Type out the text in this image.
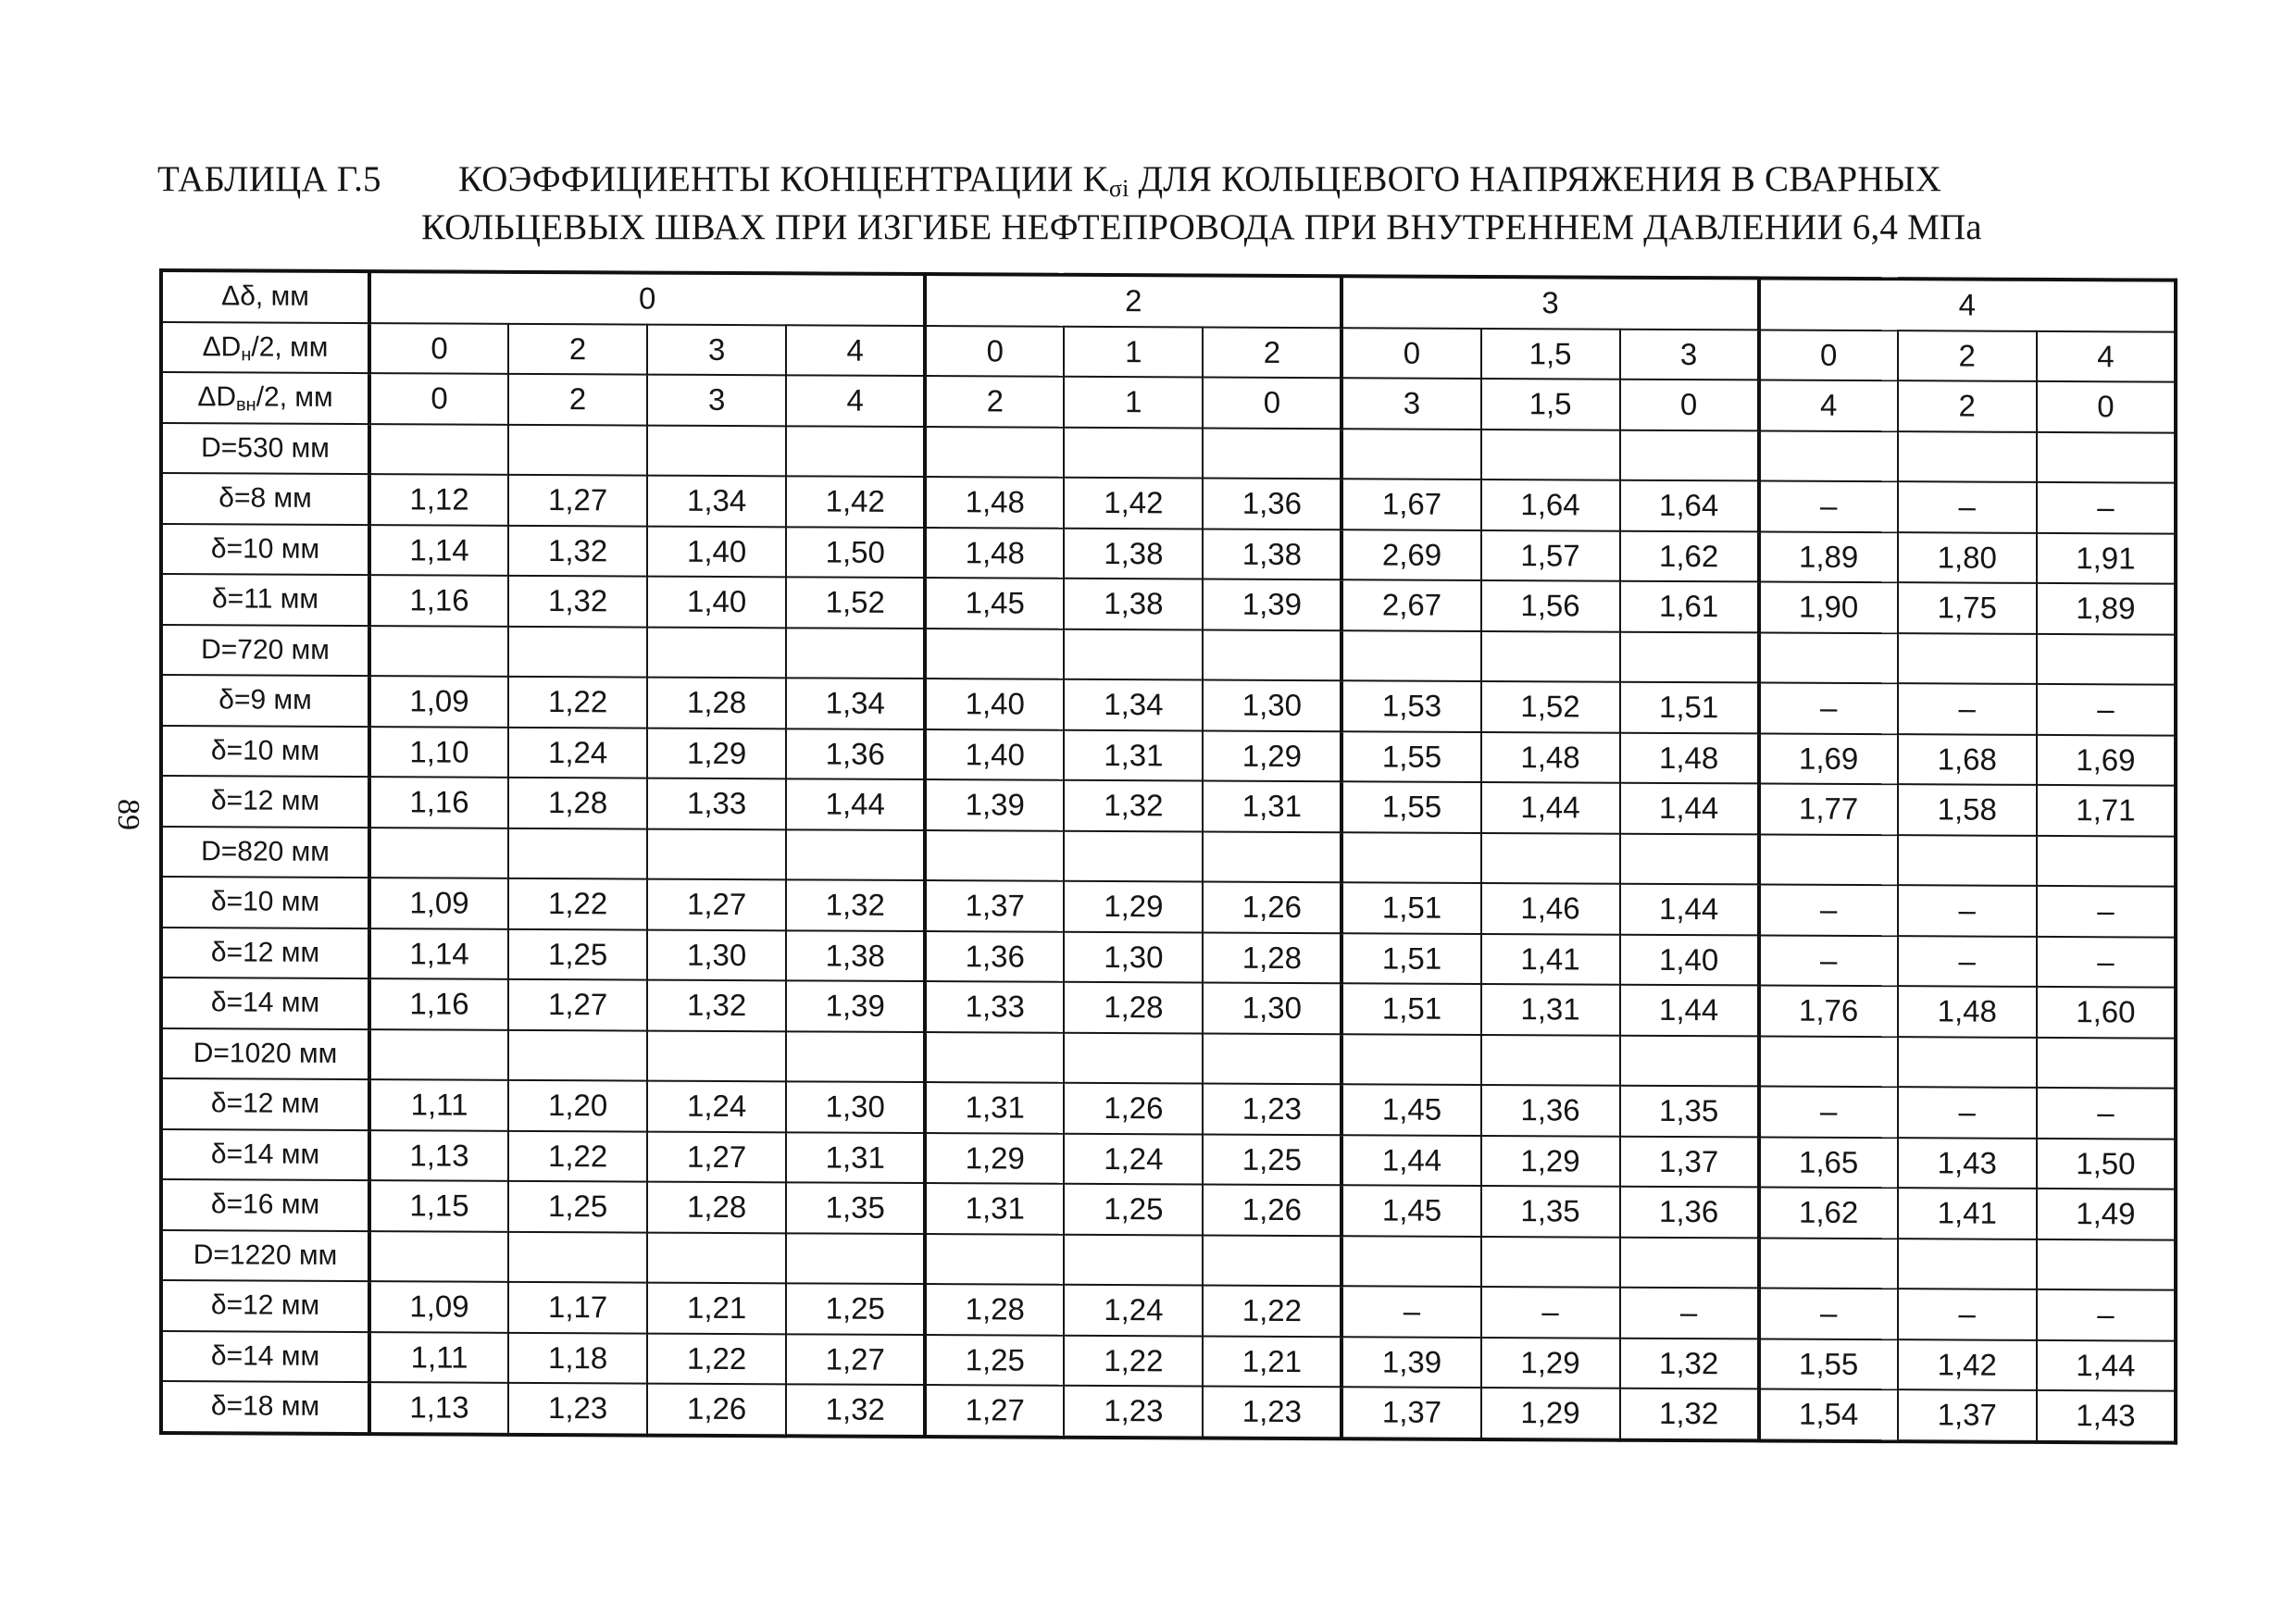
ТАБЛИЦА Г.5 КОЭФФИЦИЕНТЫ КОНЦЕНТРАЦИИ $K_{\sigma i}$ ДЛЯ КОЛЬЦЕВОГО НАПРЯЖЕНИЯ В СВАРНЫХ
КОЛЬЦЕВЫХ ШВАХ ПРИ ИЗГИБЕ НЕФТЕПРОВОДА ПРИ ВНУТРЕННЕМ ДАВЛЕНИИ 6,4 МПа
89
Δδ, мм	0				2			3			4		
$\Delta D_н/2$, мм	0	2	3	4	0	1	2	0	1,5	3	0	2	4
$\Delta D_{вн}/2$, мм	0	2	3	4	2	1	0	3	1,5	0	4	2	0
D=530 мм													
δ=8 мм	1,12	1,27	1,34	1,42	1,48	1,42	1,36	1,67	1,64	1,64	–	–	–
δ=10 мм	1,14	1,32	1,40	1,50	1,48	1,38	1,38	2,69	1,57	1,62	1,89	1,80	1,91
δ=11 мм	1,16	1,32	1,40	1,52	1,45	1,38	1,39	2,67	1,56	1,61	1,90	1,75	1,89
D=720 мм													
δ=9 мм	1,09	1,22	1,28	1,34	1,40	1,34	1,30	1,53	1,52	1,51	–	–	–
δ=10 мм	1,10	1,24	1,29	1,36	1,40	1,31	1,29	1,55	1,48	1,48	1,69	1,68	1,69
δ=12 мм	1,16	1,28	1,33	1,44	1,39	1,32	1,31	1,55	1,44	1,44	1,77	1,58	1,71
D=820 мм													
δ=10 мм	1,09	1,22	1,27	1,32	1,37	1,29	1,26	1,51	1,46	1,44	–	–	–
δ=12 мм	1,14	1,25	1,30	1,38	1,36	1,30	1,28	1,51	1,41	1,40	–	–	–
δ=14 мм	1,16	1,27	1,32	1,39	1,33	1,28	1,30	1,51	1,31	1,44	1,76	1,48	1,60
D=1020 мм													
δ=12 мм	1,11	1,20	1,24	1,30	1,31	1,26	1,23	1,45	1,36	1,35	–	–	–
δ=14 мм	1,13	1,22	1,27	1,31	1,29	1,24	1,25	1,44	1,29	1,37	1,65	1,43	1,50
δ=16 мм	1,15	1,25	1,28	1,35	1,31	1,25	1,26	1,45	1,35	1,36	1,62	1,41	1,49
D=1220 мм													
δ=12 мм	1,09	1,17	1,21	1,25	1,28	1,24	1,22	–	–	–	–	–	–
δ=14 мм	1,11	1,18	1,22	1,27	1,25	1,22	1,21	1,39	1,29	1,32	1,55	1,42	1,44
δ=18 мм	1,13	1,23	1,26	1,32	1,27	1,23	1,23	1,37	1,29	1,32	1,54	1,37	1,43
